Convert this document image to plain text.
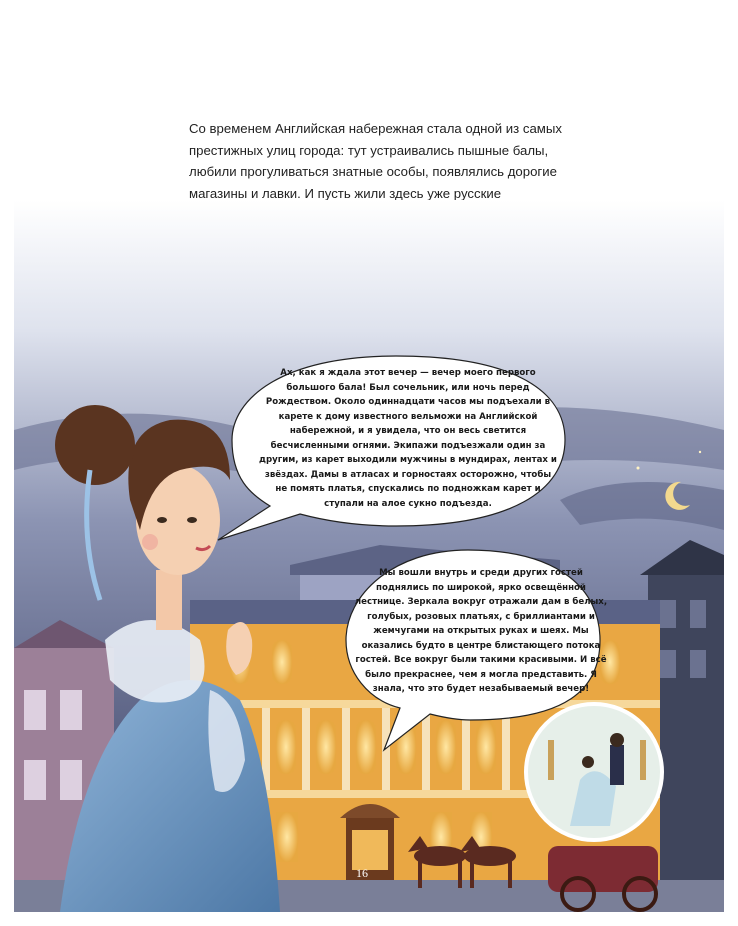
Со временем Английская набережная стала одной из самых престижных улиц города: тут устраивались пышные балы, любили прогуливаться знатные особы, появлялись дорогие магазины и лавки. И пусть жили здесь уже русские

Ах, как я ждала этот вечер — вечер моего первого большого бала! Был сочельник, или ночь перед Рождеством. Около одиннадцати часов мы подъехали в карете к дому известного вельможи на Английской набережной, и я увидела, что он весь светится бесчисленными огнями. Экипажи подъезжали один за другим, из карет выходили мужчины в мундирах, лентах и звёздах. Дамы в атласах и горностаях осторожно, чтобы не помять платья, спускались по подножкам карет и ступали на алое сукно подъезда.
Мы вошли внутрь и среди других гостей поднялись по широкой, ярко освещённой лестнице. Зеркала вокруг отражали дам в белых, голубых, розовых платьях, с бриллиантами и жемчугами на открытых руках и шеях. Мы оказались будто в центре блистающего потока гостей. Все вокруг были такими красивыми. И всё было прекраснее, чем я могла представить. Я знала, что это будет незабываемый вечер!
16
